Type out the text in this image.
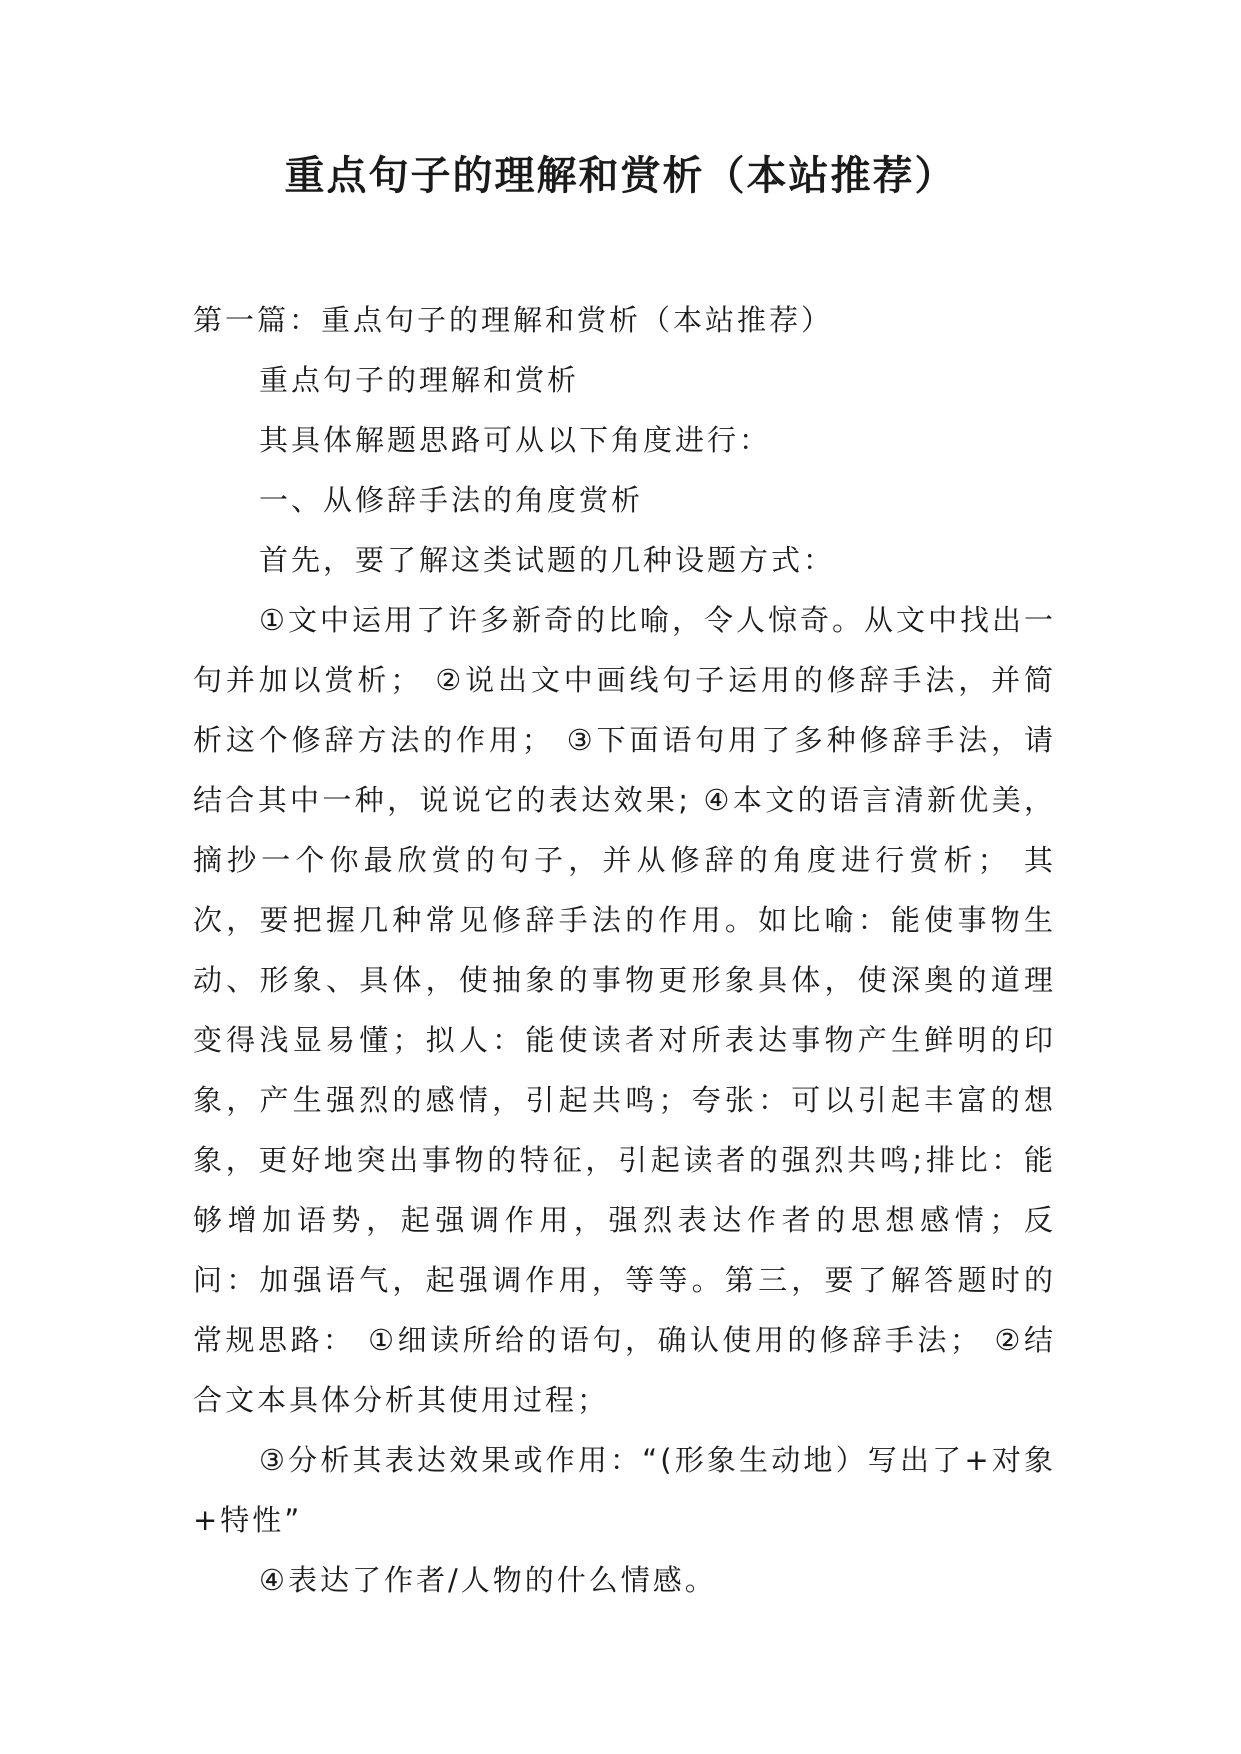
重点句子的理解和赏析（本站推荐）

第一篇：重点句子的理解和赏析（本站推荐）

重点句子的理解和赏析

其具体解题思路可从以下角度进行：

一、从修辞手法的角度赏析

首先，要了解这类试题的几种设题方式：

①文中运用了许多新奇的比喻，令人惊奇。从文中找出一句并加以赏析； ②说出文中画线句子运用的修辞手法，并简析这个修辞方法的作用； ③下面语句用了多种修辞手法，请结合其中一种，说说它的表达效果; ④本文的语言清新优美，摘抄一个你最欣赏的句子，并从修辞的角度进行赏析； 其次，要把握几种常见修辞手法的作用。如比喻：能使事物生动、形象、具体，使抽象的事物更形象具体，使深奥的道理变得浅显易懂；拟人：能使读者对所表达事物产生鲜明的印象，产生强烈的感情，引起共鸣；夸张：可以引起丰富的想象，更好地突出事物的特征，引起读者的强烈共鸣;排比：能够增加语势，起强调作用，强烈表达作者的思想感情；反问：加强语气，起强调作用，等等。第三，要了解答题时的常规思路： ①细读所给的语句，确认使用的修辞手法； ②结合文本具体分析其使用过程；

③分析其表达效果或作用：“(形象生动地）写出了+对象+特性”

④表达了作者/人物的什么情感。
